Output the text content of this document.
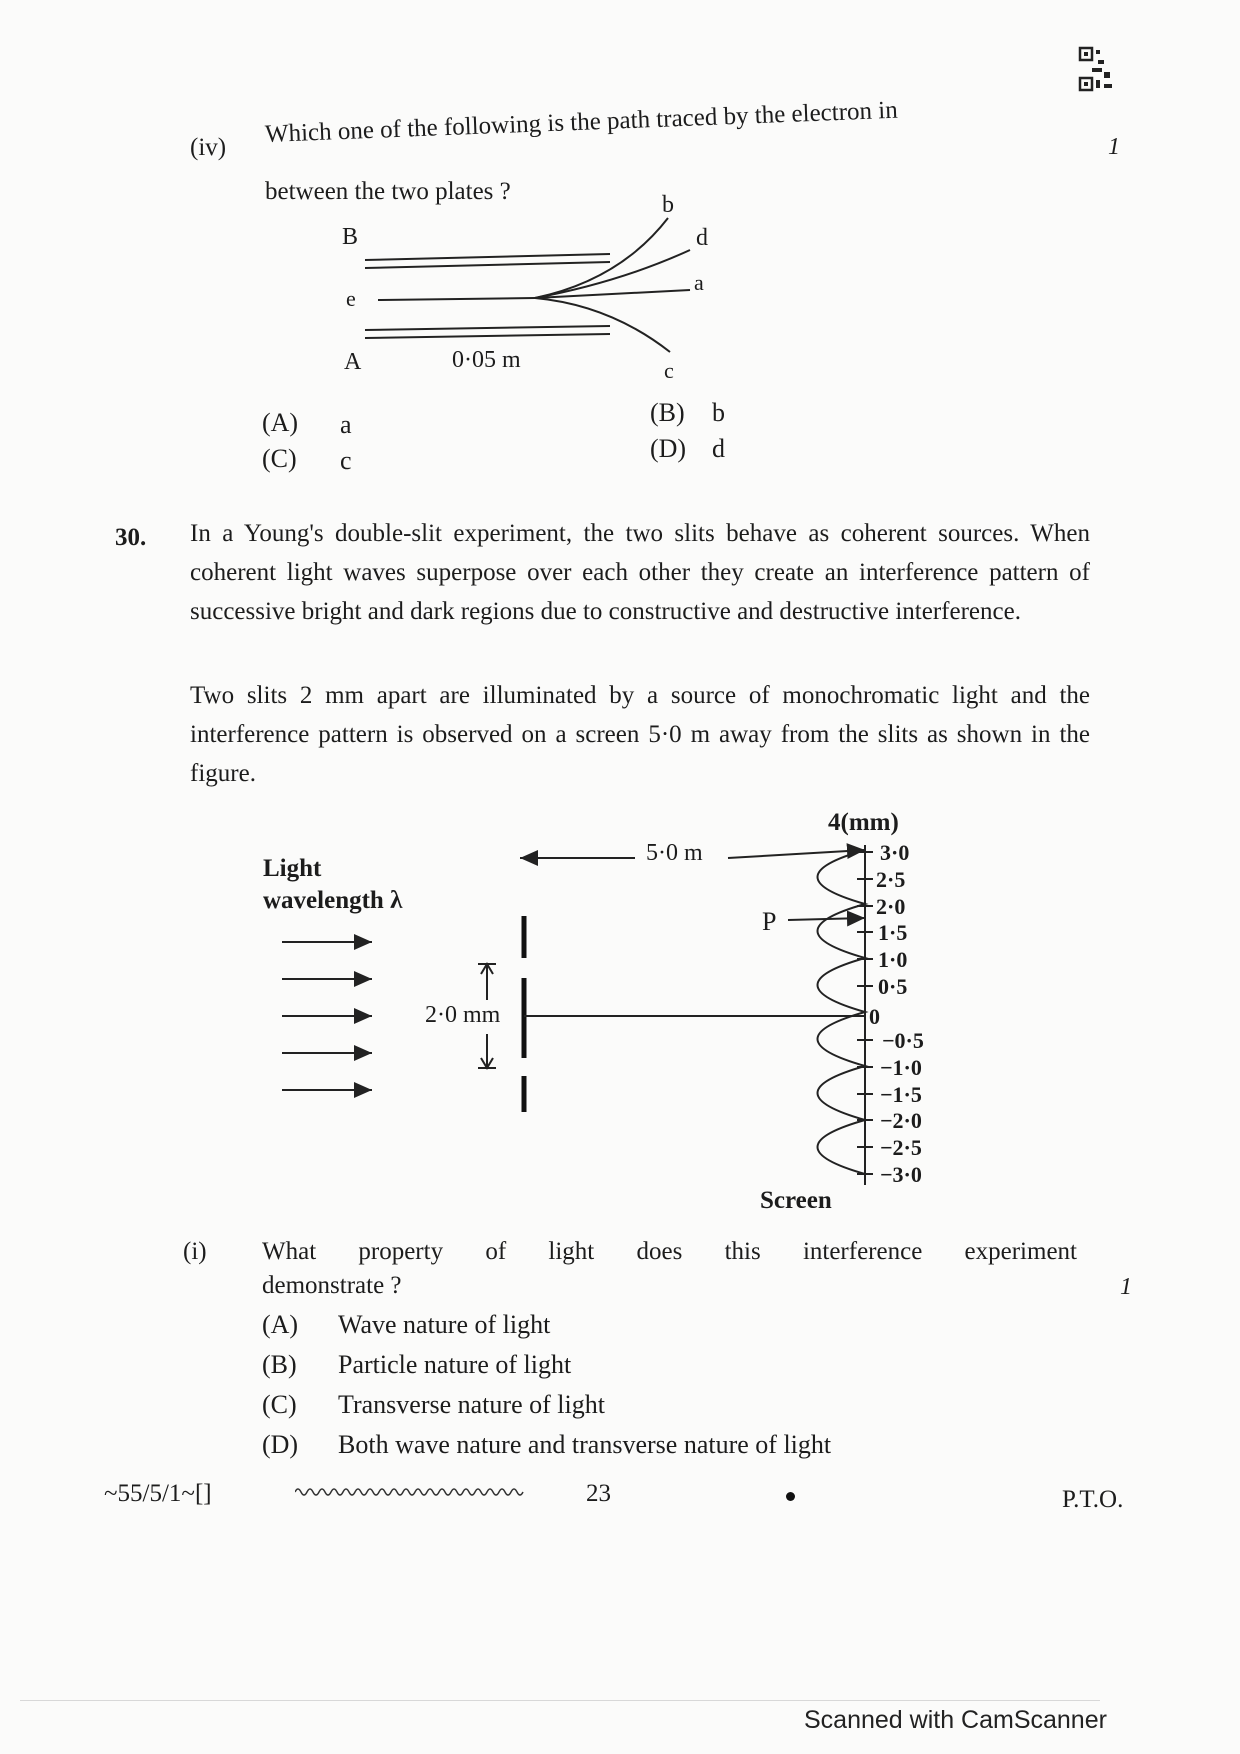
(iv) Which one of the following is the path traced by the electron in
between the two plates ?
1
B
A
e
0·05 m
b
d
a
c
(A) a
(C) c
(B) b
(D) d
30. In a Young's double-slit experiment, the two slits behave as coherent sources. When coherent light waves superpose over each other they create an interference pattern of successive bright and dark regions due to constructive and destructive interference.
Two slits 2 mm apart are illuminated by a source of monochromatic light and the interference pattern is observed on a screen 5·0 m away from the slits as shown in the figure.
Light
wavelength λ
2·0 mm
5·0 m
P
4(mm)
Screen
3·0
2·5
2·0
1·5
1·0
0·5
0
−0·5
−1·0
−1·5
−2·0
−2·5
−3·0
(i) What property of light does this interference experiment
demonstrate ?	1
(A) Wave nature of light
(B) Particle nature of light
(C) Transverse nature of light
(D) Both wave nature and transverse nature of light
~55/5/1~[]	23	P.T.O.
Scanned with CamScanner
